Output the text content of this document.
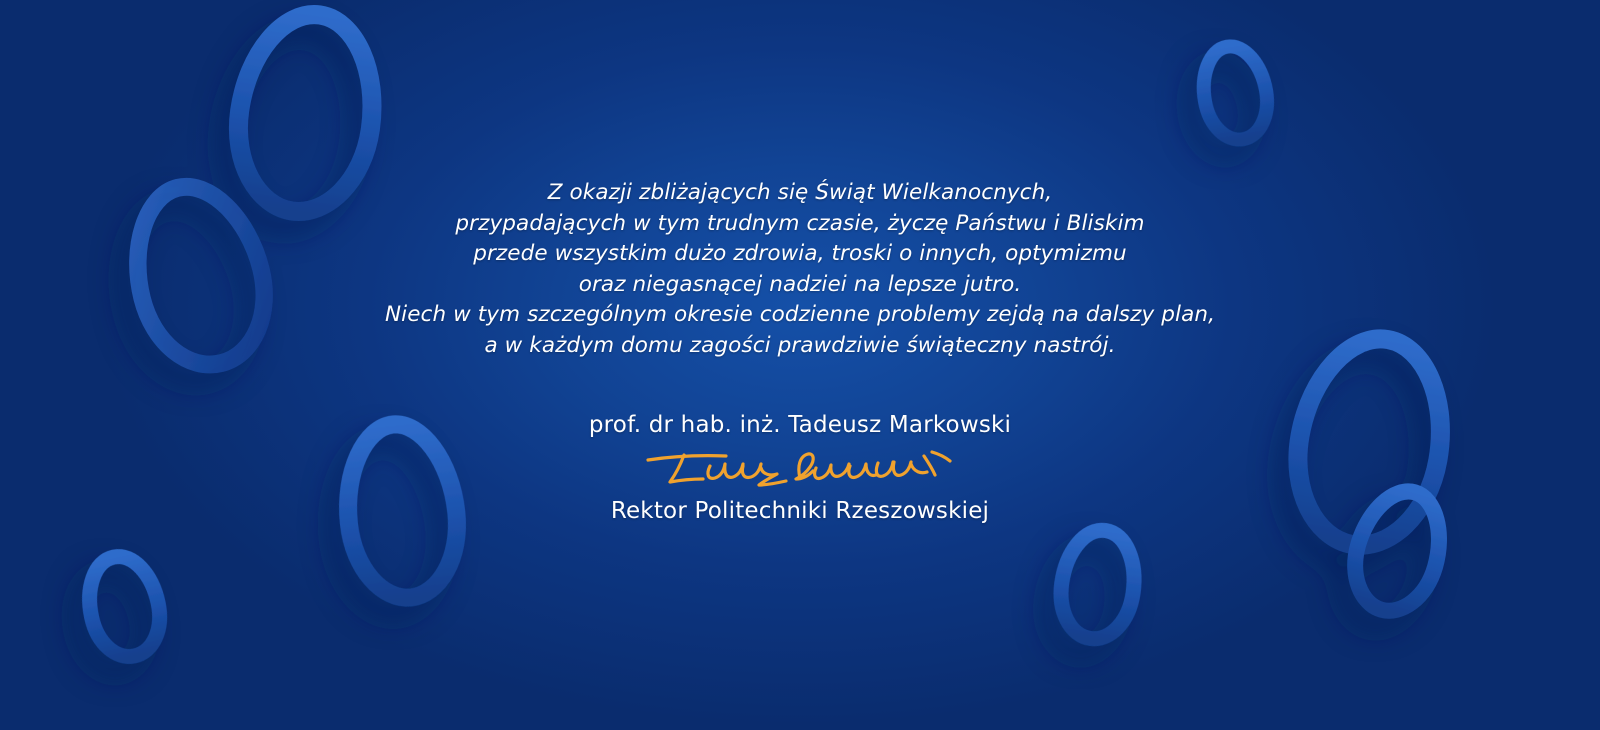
Z okazji zbliżających się Świąt Wielkanocnych,
przypadających w tym trudnym czasie, życzę Państwu i Bliskim
przede wszystkim dużo zdrowia, troski o innych, optymizmu
oraz niegasnącej nadziei na lepsze jutro.
Niech w tym szczególnym okresie codzienne problemy zejdą na dalszy plan,
a w każdym domu zagości prawdziwie świąteczny nastrój.
prof. dr hab. inż. Tadeusz Markowski
Rektor Politechniki Rzeszowskiej
